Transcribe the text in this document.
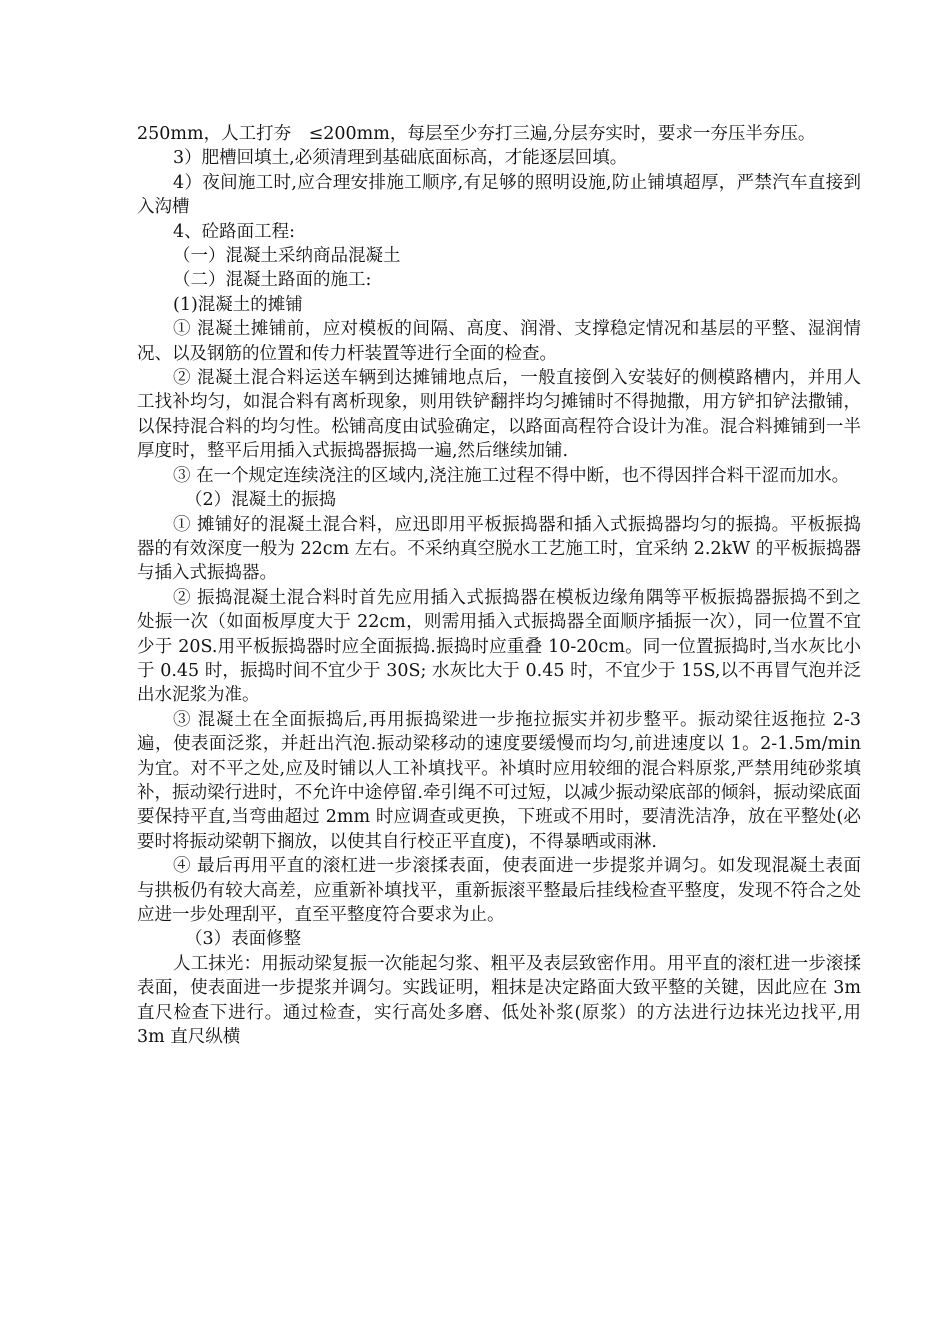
250mm，人工打夯　≤200mm，每层至少夯打三遍,分层夯实时，要求一夯压半夯压。

3）肥槽回填土,必须清理到基础底面标高，才能逐层回填。

4）夜间施工时,应合理安排施工顺序,有足够的照明设施,防止铺填超厚，严禁汽车直接到入沟槽

4、砼路面工程:

（一）混凝土采纳商品混凝土

（二）混凝土路面的施工:

(1)混凝土的摊铺

① 混凝土摊铺前，应对模板的间隔、高度、润滑、支撑稳定情况和基层的平整、湿润情况、以及钢筋的位置和传力杆装置等进行全面的检查。

② 混凝土混合料运送车辆到达摊铺地点后，一般直接倒入安装好的侧模路槽内，并用人工找补均匀，如混合料有离析现象，则用铁铲翻拌均匀摊铺时不得抛撒，用方铲扣铲法撒铺，以保持混合料的均匀性。松铺高度由试验确定，以路面高程符合设计为准。混合料摊铺到一半厚度时，整平后用插入式振捣器振捣一遍,然后继续加铺.

③ 在一个规定连续浇注的区域内,浇注施工过程不得中断，也不得因拌合料干涩而加水。

（2）混凝土的振捣

① 摊铺好的混凝土混合料，应迅即用平板振捣器和插入式振捣器均匀的振捣。平板振捣器的有效深度一般为 22cm 左右。不采纳真空脱水工艺施工时，宜采纳 2.2kW 的平板振捣器与插入式振捣器。

② 振捣混凝土混合料时首先应用插入式振捣器在模板边缘角隅等平板振捣器振捣不到之处振一次（如面板厚度大于 22cm，则需用插入式振捣器全面顺序插振一次），同一位置不宜少于 20S.用平板振捣器时应全面振捣.振捣时应重叠 10-20cm。同一位置振捣时,当水灰比小于 0.45 时，振捣时间不宜少于 30S; 水灰比大于 0.45 时，不宜少于 15S,以不再冒气泡并泛出水泥浆为准。

③ 混凝土在全面振捣后,再用振捣梁进一步拖拉振实并初步整平。振动梁往返拖拉 2-3 遍，使表面泛浆，并赶出汽泡.振动梁移动的速度要缓慢而均匀,前进速度以 1。2-1.5m/min 为宜。对不平之处,应及时铺以人工补填找平。补填时应用较细的混合料原浆,严禁用纯砂浆填补，振动梁行进时，不允许中途停留.牵引绳不可过短，以减少振动梁底部的倾斜，振动梁底面要保持平直,当弯曲超过 2mm 时应调查或更换，下班或不用时，要清洗洁净，放在平整处(必要时将振动梁朝下搁放，以使其自行校正平直度)，不得暴晒或雨淋.

④ 最后再用平直的滚杠进一步滚揉表面，使表面进一步提浆并调匀。如发现混凝土表面与拱板仍有较大高差，应重新补填找平，重新振滚平整最后挂线检查平整度，发现不符合之处应进一步处理刮平，直至平整度符合要求为止。

（3）表面修整

人工抹光：用振动梁复振一次能起匀浆、粗平及表层致密作用。用平直的滚杠进一步滚揉表面，使表面进一步提浆并调匀。实践证明，粗抹是决定路面大致平整的关键，因此应在 3m 直尺检查下进行。通过检查，实行高处多磨、低处补浆(原浆）的方法进行边抹光边找平,用 3m 直尺纵横
